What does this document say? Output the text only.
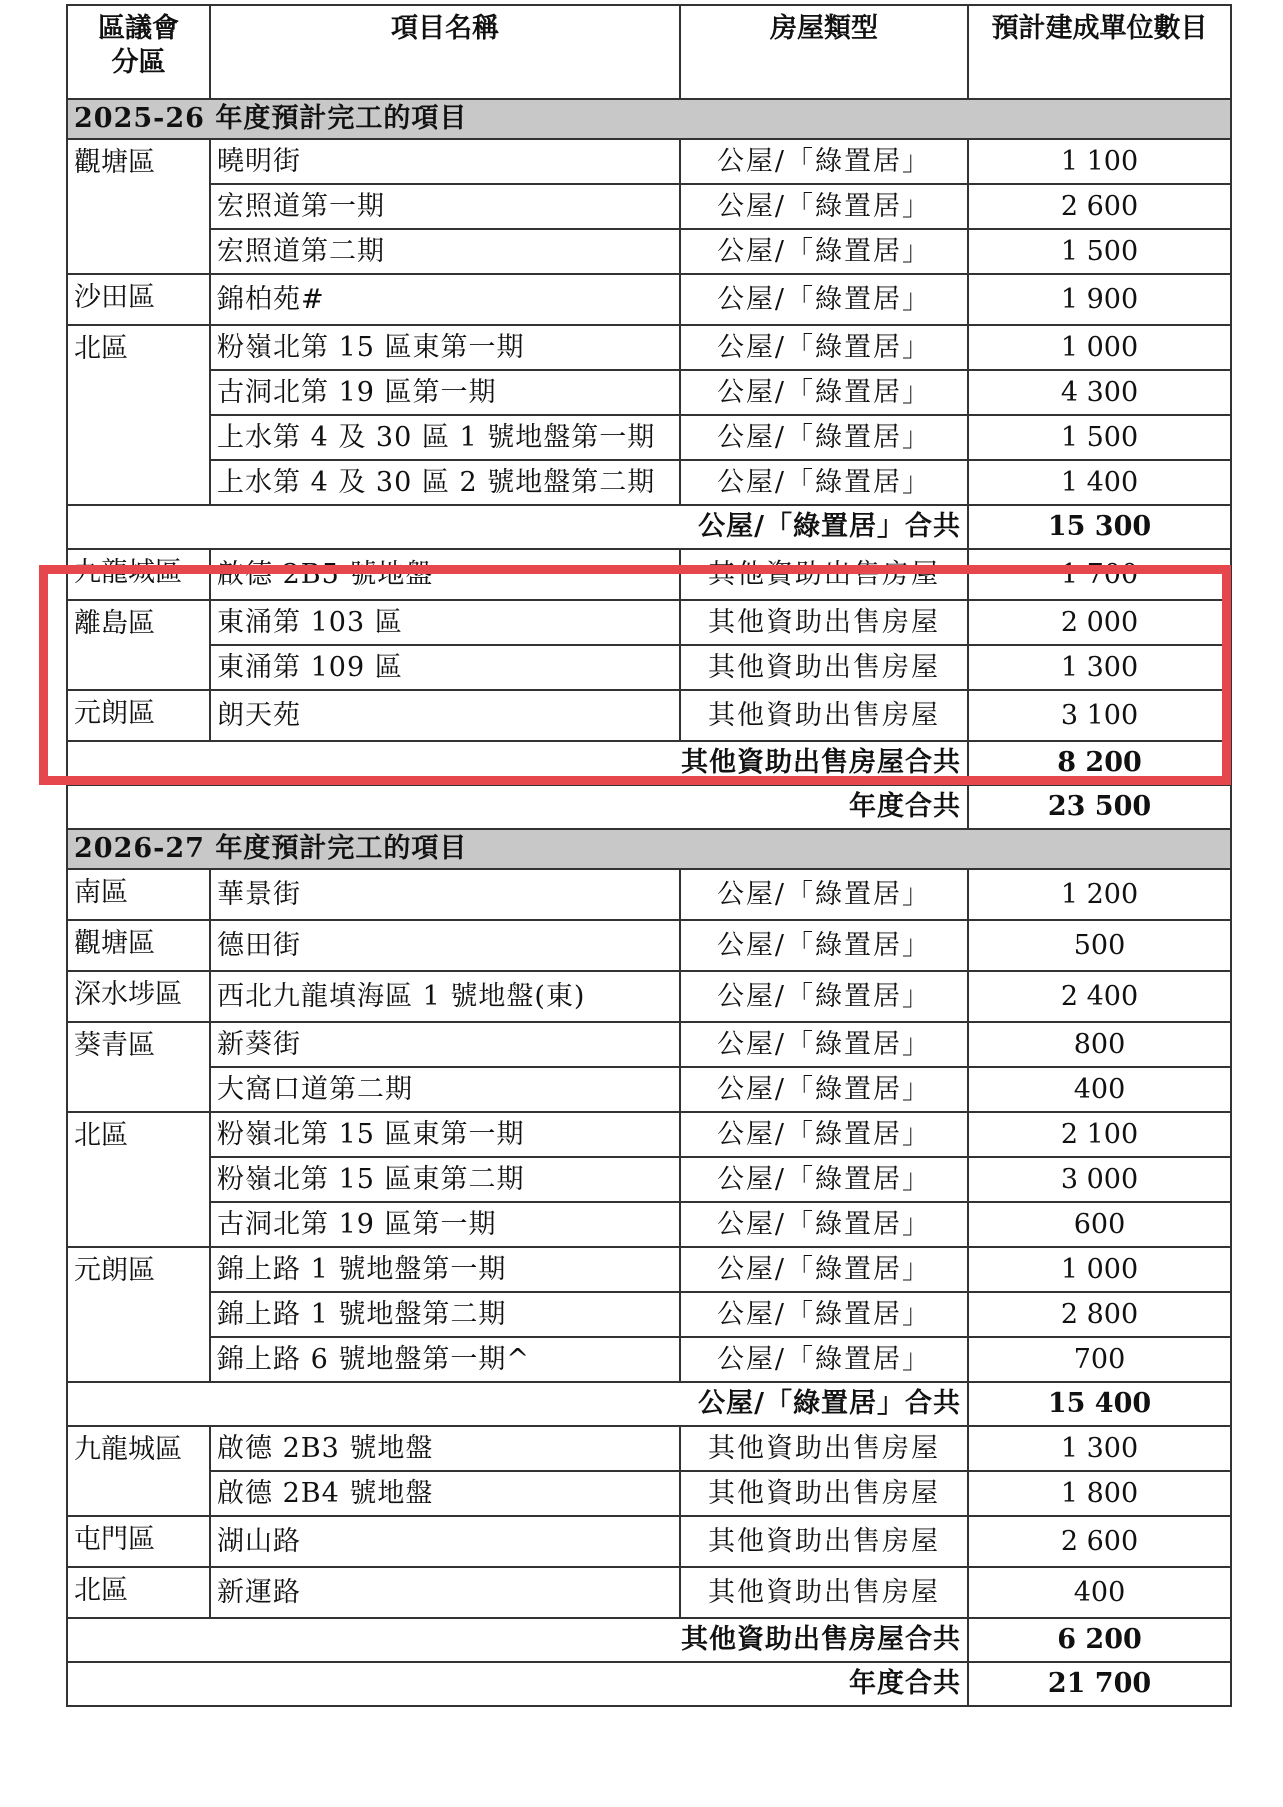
區議會
分區	項目名稱	房屋類型	預計建成單位數目
2025-26 年度預計完工的項目			
觀塘區	曉明街	公屋/「綠置居」	1 100
	宏照道第一期	公屋/「綠置居」	2 600
	宏照道第二期	公屋/「綠置居」	1 500
沙田區	錦柏苑#	公屋/「綠置居」	1 900
北區	粉嶺北第 15 區東第一期	公屋/「綠置居」	1 000
	古洞北第 19 區第一期	公屋/「綠置居」	4 300
	上水第 4 及 30 區 1 號地盤第一期	公屋/「綠置居」	1 500
	上水第 4 及 30 區 2 號地盤第二期	公屋/「綠置居」	1 400
公屋/「綠置居」合共			15 300
九龍城區	啟德 2B5 號地盤	其他資助出售房屋	1 700
離島區	東涌第 103 區	其他資助出售房屋	2 000
	東涌第 109 區	其他資助出售房屋	1 300
元朗區	朗天苑	其他資助出售房屋	3 100
其他資助出售房屋合共			8 200
年度合共			23 500
2026-27 年度預計完工的項目			
南區	華景街	公屋/「綠置居」	1 200
觀塘區	德田街	公屋/「綠置居」	500
深水埗區	西北九龍填海區 1 號地盤(東)	公屋/「綠置居」	2 400
葵青區	新葵街	公屋/「綠置居」	800
	大窩口道第二期	公屋/「綠置居」	400
北區	粉嶺北第 15 區東第一期	公屋/「綠置居」	2 100
	粉嶺北第 15 區東第二期	公屋/「綠置居」	3 000
	古洞北第 19 區第一期	公屋/「綠置居」	600
元朗區	錦上路 1 號地盤第一期	公屋/「綠置居」	1 000
	錦上路 1 號地盤第二期	公屋/「綠置居」	2 800
	錦上路 6 號地盤第一期^	公屋/「綠置居」	700
公屋/「綠置居」合共			15 400
九龍城區	啟德 2B3 號地盤	其他資助出售房屋	1 300
	啟德 2B4 號地盤	其他資助出售房屋	1 800
屯門區	湖山路	其他資助出售房屋	2 600
北區	新運路	其他資助出售房屋	400
其他資助出售房屋合共			6 200
年度合共			21 700
